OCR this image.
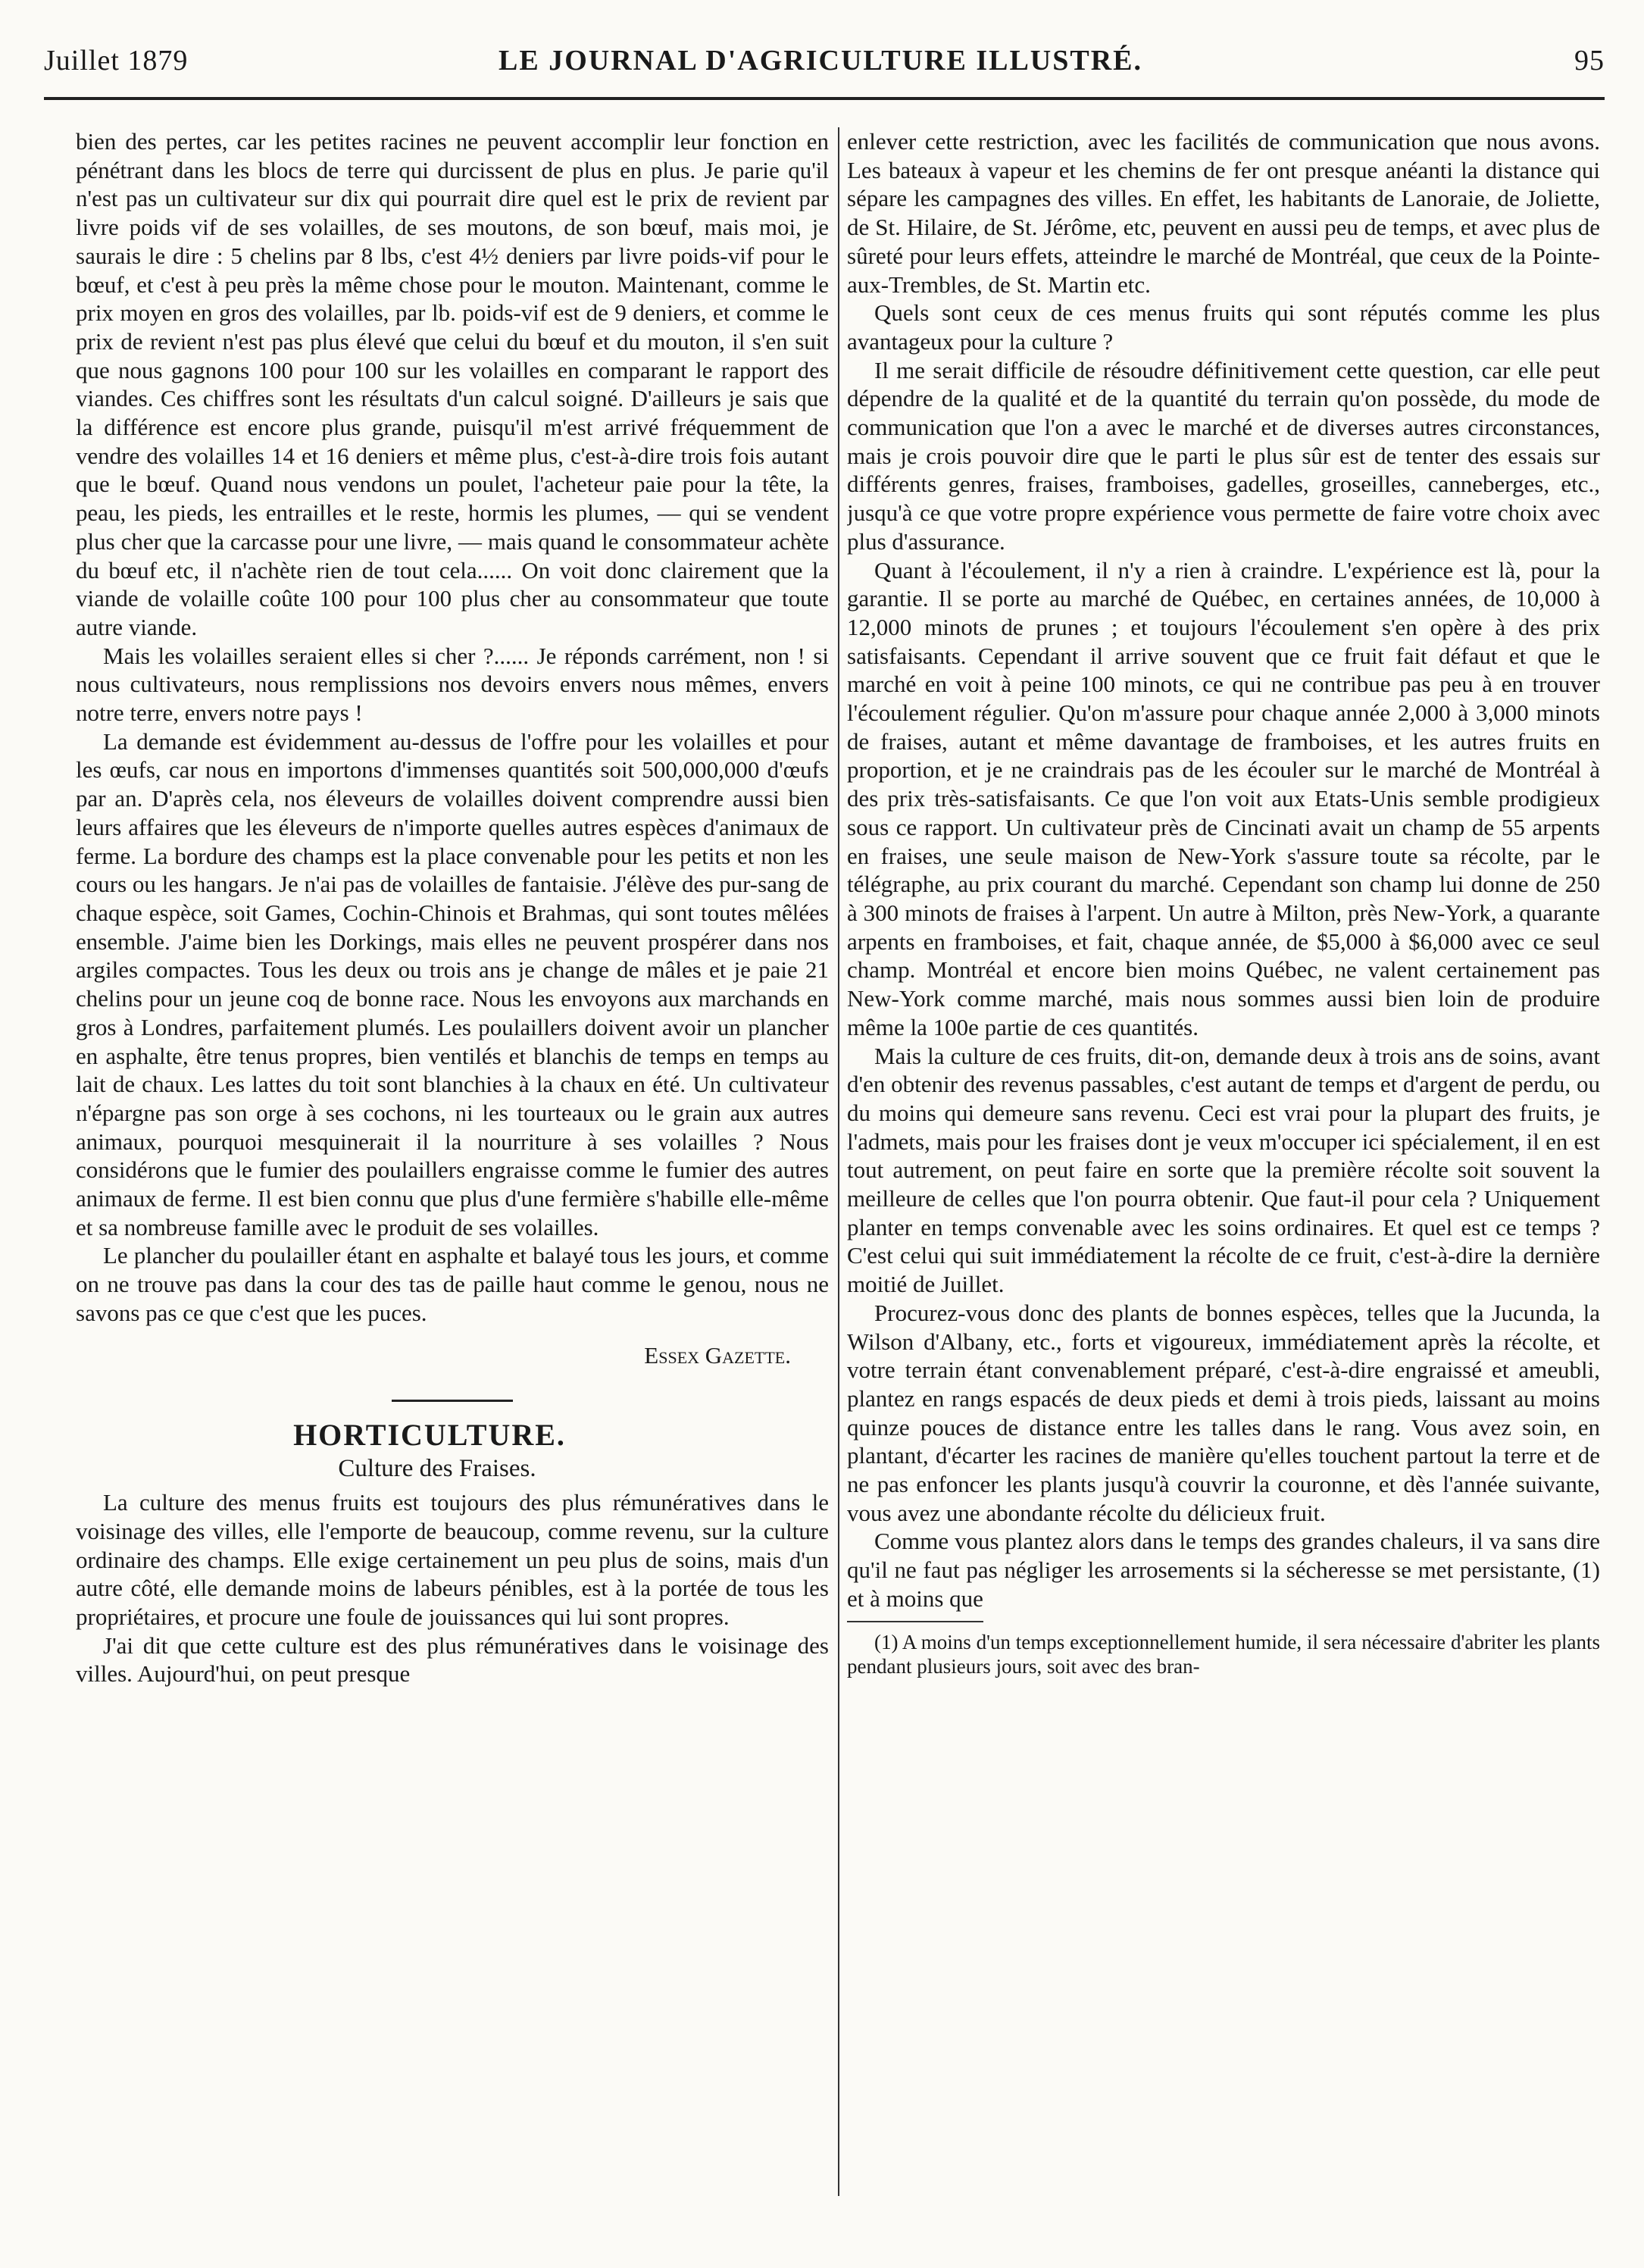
Juillet 1879	LE JOURNAL D'AGRICULTURE ILLUSTRÉ.	95

bien des pertes, car les petites racines ne peuvent accomplir leur fonction en pénétrant dans les blocs de terre qui durcissent de plus en plus. Je parie qu'il n'est pas un cultivateur sur dix qui pourrait dire quel est le prix de revient par livre poids vif de ses volailles, de ses moutons, de son bœuf, mais moi, je saurais le dire : 5 chelins par 8 lbs, c'est 4½ deniers par livre poids-vif pour le bœuf, et c'est à peu près la même chose pour le mouton. Maintenant, comme le prix moyen en gros des volailles, par lb. poids-vif est de 9 deniers, et comme le prix de revient n'est pas plus élevé que celui du bœuf et du mouton, il s'en suit que nous gagnons 100 pour 100 sur les volailles en comparant le rapport des viandes. Ces chiffres sont les résultats d'un calcul soigné. D'ailleurs je sais que la différence est encore plus grande, puisqu'il m'est arrivé fréquemment de vendre des volailles 14 et 16 deniers et même plus, c'est-à-dire trois fois autant que le bœuf. Quand nous vendons un poulet, l'acheteur paie pour la tête, la peau, les pieds, les entrailles et le reste, hormis les plumes, — qui se vendent plus cher que la carcasse pour une livre, — mais quand le consommateur achète du bœuf etc, il n'achète rien de tout cela...... On voit donc clairement que la viande de volaille coûte 100 pour 100 plus cher au consommateur que toute autre viande.

Mais les volailles seraient elles si cher ?...... Je réponds carrément, non ! si nous cultivateurs, nous remplissions nos devoirs envers nous mêmes, envers notre terre, envers notre pays !

La demande est évidemment au-dessus de l'offre pour les volailles et pour les œufs, car nous en importons d'immenses quantités soit 500,000,000 d'œufs par an. D'après cela, nos éleveurs de volailles doivent comprendre aussi bien leurs affaires que les éleveurs de n'importe quelles autres espèces d'animaux de ferme. La bordure des champs est la place convenable pour les petits et non les cours ou les hangars. Je n'ai pas de volailles de fantaisie. J'élève des pur-sang de chaque espèce, soit Games, Cochin-Chinois et Brahmas, qui sont toutes mêlées ensemble. J'aime bien les Dorkings, mais elles ne peuvent prospérer dans nos argiles compactes. Tous les deux ou trois ans je change de mâles et je paie 21 chelins pour un jeune coq de bonne race. Nous les envoyons aux marchands en gros à Londres, parfaitement plumés. Les poulaillers doivent avoir un plancher en asphalte, être tenus propres, bien ventilés et blanchis de temps en temps au lait de chaux. Les lattes du toit sont blanchies à la chaux en été. Un cultivateur n'épargne pas son orge à ses cochons, ni les tourteaux ou le grain aux autres animaux, pourquoi mesquinerait il la nourriture à ses volailles ? Nous considérons que le fumier des poulaillers engraisse comme le fumier des autres animaux de ferme. Il est bien connu que plus d'une fermière s'habille elle-même et sa nombreuse famille avec le produit de ses volailles.

Le plancher du poulailler étant en asphalte et balayé tous les jours, et comme on ne trouve pas dans la cour des tas de paille haut comme le genou, nous ne savons pas ce que c'est que les puces.

Essex Gazette.
HORTICULTURE.
Culture des Fraises.

La culture des menus fruits est toujours des plus rémunératives dans le voisinage des villes, elle l'emporte de beaucoup, comme revenu, sur la culture ordinaire des champs. Elle exige certainement un peu plus de soins, mais d'un autre côté, elle demande moins de labeurs pénibles, est à la portée de tous les propriétaires, et procure une foule de jouissances qui lui sont propres.

J'ai dit que cette culture est des plus rémunératives dans le voisinage des villes. Aujourd'hui, on peut presque

enlever cette restriction, avec les facilités de communication que nous avons. Les bateaux à vapeur et les chemins de fer ont presque anéanti la distance qui sépare les campagnes des villes. En effet, les habitants de Lanoraie, de Joliette, de St. Hilaire, de St. Jérôme, etc, peuvent en aussi peu de temps, et avec plus de sûreté pour leurs effets, atteindre le marché de Montréal, que ceux de la Pointe-aux-Trembles, de St. Martin etc.

Quels sont ceux de ces menus fruits qui sont réputés comme les plus avantageux pour la culture ?

Il me serait difficile de résoudre définitivement cette question, car elle peut dépendre de la qualité et de la quantité du terrain qu'on possède, du mode de communication que l'on a avec le marché et de diverses autres circonstances, mais je crois pouvoir dire que le parti le plus sûr est de tenter des essais sur différents genres, fraises, framboises, gadelles, groseilles, canneberges, etc., jusqu'à ce que votre propre expérience vous permette de faire votre choix avec plus d'assurance.

Quant à l'écoulement, il n'y a rien à craindre. L'expérience est là, pour la garantie. Il se porte au marché de Québec, en certaines années, de 10,000 à 12,000 minots de prunes ; et toujours l'écoulement s'en opère à des prix satisfaisants. Cependant il arrive souvent que ce fruit fait défaut et que le marché en voit à peine 100 minots, ce qui ne contribue pas peu à en trouver l'écoulement régulier. Qu'on m'assure pour chaque année 2,000 à 3,000 minots de fraises, autant et même davantage de framboises, et les autres fruits en proportion, et je ne craindrais pas de les écouler sur le marché de Montréal à des prix très-satisfaisants. Ce que l'on voit aux Etats-Unis semble prodigieux sous ce rapport. Un cultivateur près de Cincinati avait un champ de 55 arpents en fraises, une seule maison de New-York s'assure toute sa récolte, par le télégraphe, au prix courant du marché. Cependant son champ lui donne de 250 à 300 minots de fraises à l'arpent. Un autre à Milton, près New-York, a quarante arpents en framboises, et fait, chaque année, de $5,000 à $6,000 avec ce seul champ. Montréal et encore bien moins Québec, ne valent certainement pas New-York comme marché, mais nous sommes aussi bien loin de produire même la 100e partie de ces quantités.

Mais la culture de ces fruits, dit-on, demande deux à trois ans de soins, avant d'en obtenir des revenus passables, c'est autant de temps et d'argent de perdu, ou du moins qui demeure sans revenu. Ceci est vrai pour la plupart des fruits, je l'admets, mais pour les fraises dont je veux m'occuper ici spécialement, il en est tout autrement, on peut faire en sorte que la première récolte soit souvent la meilleure de celles que l'on pourra obtenir. Que faut-il pour cela ? Uniquement planter en temps convenable avec les soins ordinaires. Et quel est ce temps ? C'est celui qui suit immédiatement la récolte de ce fruit, c'est-à-dire la dernière moitié de Juillet.

Procurez-vous donc des plants de bonnes espèces, telles que la Jucunda, la Wilson d'Albany, etc., forts et vigoureux, immédiatement après la récolte, et votre terrain étant convenablement préparé, c'est-à-dire engraissé et ameubli, plantez en rangs espacés de deux pieds et demi à trois pieds, laissant au moins quinze pouces de distance entre les talles dans le rang. Vous avez soin, en plantant, d'écarter les racines de manière qu'elles touchent partout la terre et de ne pas enfoncer les plants jusqu'à couvrir la couronne, et dès l'année suivante, vous avez une abondante récolte du délicieux fruit.

Comme vous plantez alors dans le temps des grandes chaleurs, il va sans dire qu'il ne faut pas négliger les arrosements si la sécheresse se met persistante, (1) et à moins que

(1) A moins d'un temps exceptionnellement humide, il sera nécessaire d'abriter les plants pendant plusieurs jours, soit avec des bran-
